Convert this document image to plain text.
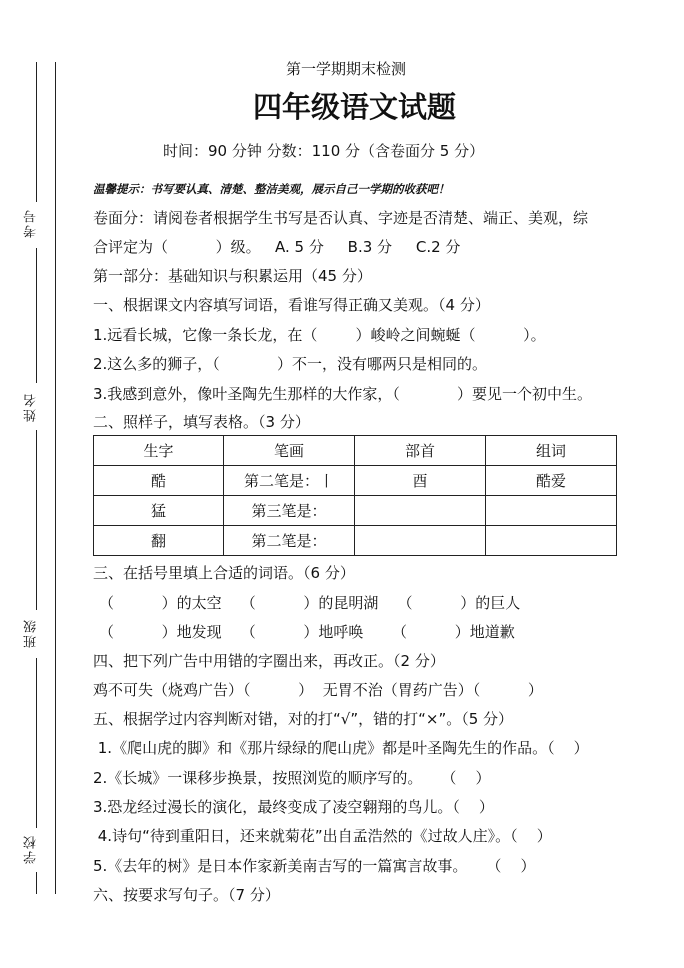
考号
姓名
班级
学校
第一学期期末检测
四年级语文试题
时间：90 分钟 分数：110 分（含卷面分 5 分）
温馨提示：书写要认真、清楚、整洁美观，展示自己一学期的收获吧！
卷面分：请阅卷者根据学生书写是否认真、字迹是否清楚、端正、美观，综
合评定为（          ）级。   A. 5 分     B.3 分     C.2 分
第一部分：基础知识与积累运用（45 分）
一、根据课文内容填写词语，看谁写得正确又美观。（4 分）
1.远看长城，它像一条长龙，在（        ）峻岭之间蜿蜒（          ）。
2.这么多的狮子，（            ）不一，没有哪两只是相同的。
3.我感到意外，像叶圣陶先生那样的大作家，（            ）要见一个初中生。
二、照样子，填写表格。（3 分）
生字	笔画	部首	组词
酷	第二笔是：丨	酉	酷爱
猛	第三笔是：		
翻	第二笔是：		
三、在括号里填上合适的词语。（6 分）
（          ）的太空    （          ）的昆明湖    （          ）的巨人
（          ）地发现    （          ）地呼唤      （          ）地道歉
四、把下列广告中用错的字圈出来，再改正。（2 分）
鸡不可失（烧鸡广告）（          ）  无胃不治（胃药广告）（          ）
五、根据学过内容判断对错，对的打“√”，错的打“×”。（5 分）
1.《爬山虎的脚》和《那片绿绿的爬山虎》都是叶圣陶先生的作品。（    ）
2.《长城》一课移步换景，按照浏览的顺序写的。    （    ）
3.恐龙经过漫长的演化，最终变成了凌空翱翔的鸟儿。（    ）
4.诗句“待到重阳日，还来就菊花”出自孟浩然的《过故人庄》。（    ）
5.《去年的树》是日本作家新美南吉写的一篇寓言故事。    （    ）
六、按要求写句子。（7 分）
